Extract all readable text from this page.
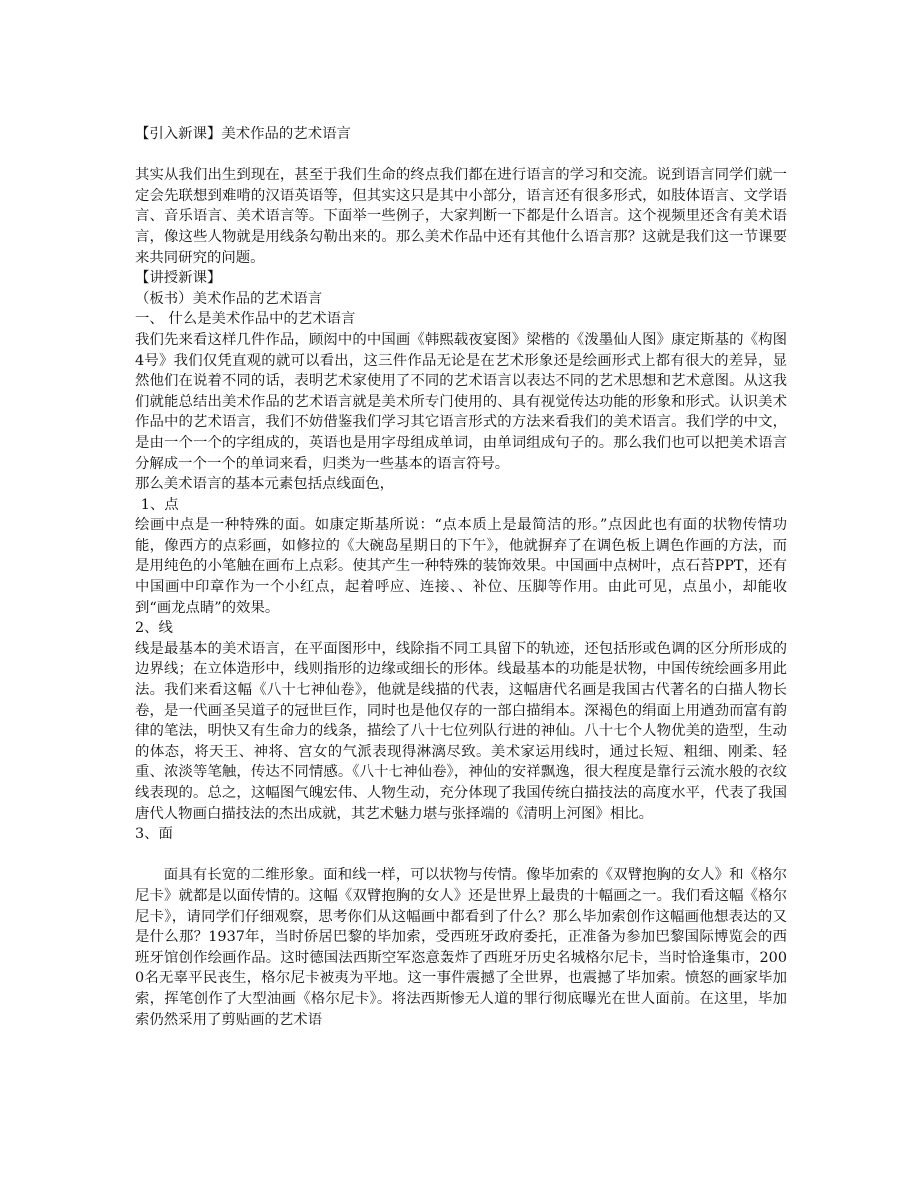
【引入新课】美术作品的艺术语言

其实从我们出生到现在，甚至于我们生命的终点我们都在进行语言的学习和交流。说到语言同学们就一定会先联想到难啃的汉语英语等，但其实这只是其中小部分，语言还有很多形式，如肢体语言、文学语言、音乐语言、美术语言等。下面举一些例子，大家判断一下都是什么语言。这个视频里还含有美术语言，像这些人物就是用线条勾勒出来的。那么美术作品中还有其他什么语言那？这就是我们这一节课要来共同研究的问题。

【讲授新课】

（板书）美术作品的艺术语言

一、 什么是美术作品中的艺术语言

我们先来看这样几件作品，顾闳中的中国画《韩熙载夜宴图》梁楷的《泼墨仙人图》康定斯基的《构图4号》我们仅凭直观的就可以看出，这三件作品无论是在艺术形象还是绘画形式上都有很大的差异，显然他们在说着不同的话，表明艺术家使用了不同的艺术语言以表达不同的艺术思想和艺术意图。从这我们就能总结出美术作品的艺术语言就是美术所专门使用的、具有视觉传达功能的形象和形式。认识美术作品中的艺术语言，我们不妨借鉴我们学习其它语言形式的方法来看我们的美术语言。我们学的中文，是由一个一个的字组成的，英语也是用字母组成单词，由单词组成句子的。那么我们也可以把美术语言分解成一个一个的单词来看，归类为一些基本的语言符号。

那么美术语言的基本元素包括点线面色，

1、点

绘画中点是一种特殊的面。如康定斯基所说：“点本质上是最简洁的形。”点因此也有面的状物传情功能，像西方的点彩画，如修拉的《大碗岛星期日的下午》，他就摒弃了在调色板上调色作画的方法，而是用纯色的小笔触在画布上点彩。使其产生一种特殊的装饰效果。中国画中点树叶，点石苔PPT，还有中国画中印章作为一个小红点，起着呼应、连接、、补位、压脚等作用。由此可见，点虽小，却能收到“画龙点睛”的效果。

2、线

线是最基本的美术语言，在平面图形中，线除指不同工具留下的轨迹，还包括形或色调的区分所形成的边界线；在立体造形中，线则指形的边缘或细长的形体。线最基本的功能是状物，中国传统绘画多用此法。我们来看这幅《八十七神仙卷》，他就是线描的代表，这幅唐代名画是我国古代著名的白描人物长卷，是一代画圣吴道子的冠世巨作，同时也是他仅存的一部白描绢本。深褐色的绢面上用遒劲而富有韵律的笔法，明快又有生命力的线条，描绘了八十七位列队行进的神仙。八十七个人物优美的造型，生动的体态，将天王、神将、宫女的气派表现得淋漓尽致。美术家运用线时，通过长短、粗细、刚柔、轻重、浓淡等笔触，传达不同情感。《八十七神仙卷》，神仙的安祥飘逸，很大程度是靠行云流水般的衣纹线表现的。总之，这幅图气魄宏伟、人物生动，充分体现了我国传统白描技法的高度水平，代表了我国唐代人物画白描技法的杰出成就，其艺术魅力堪与张择端的《清明上河图》相比。

3、面

面具有长宽的二维形象。面和线一样，可以状物与传情。像毕加索的《双臂抱胸的女人》和《格尔尼卡》就都是以面传情的。这幅《双臂抱胸的女人》还是世界上最贵的十幅画之一。我们看这幅《格尔尼卡》，请同学们仔细观察，思考你们从这幅画中都看到了什么？那么毕加索创作这幅画他想表达的又是什么那？1937年，当时侨居巴黎的毕加索，受西班牙政府委托，正准备为参加巴黎国际博览会的西班牙馆创作绘画作品。这时德国法西斯空军恣意轰炸了西班牙历史名城格尔尼卡，当时恰逢集市，2000名无辜平民丧生，格尔尼卡被夷为平地。这一事件震撼了全世界，也震撼了毕加索。愤怒的画家毕加索，挥笔创作了大型油画《格尔尼卡》。将法西斯惨无人道的罪行彻底曝光在世人面前。在这里，毕加索仍然采用了剪贴画的艺术语
